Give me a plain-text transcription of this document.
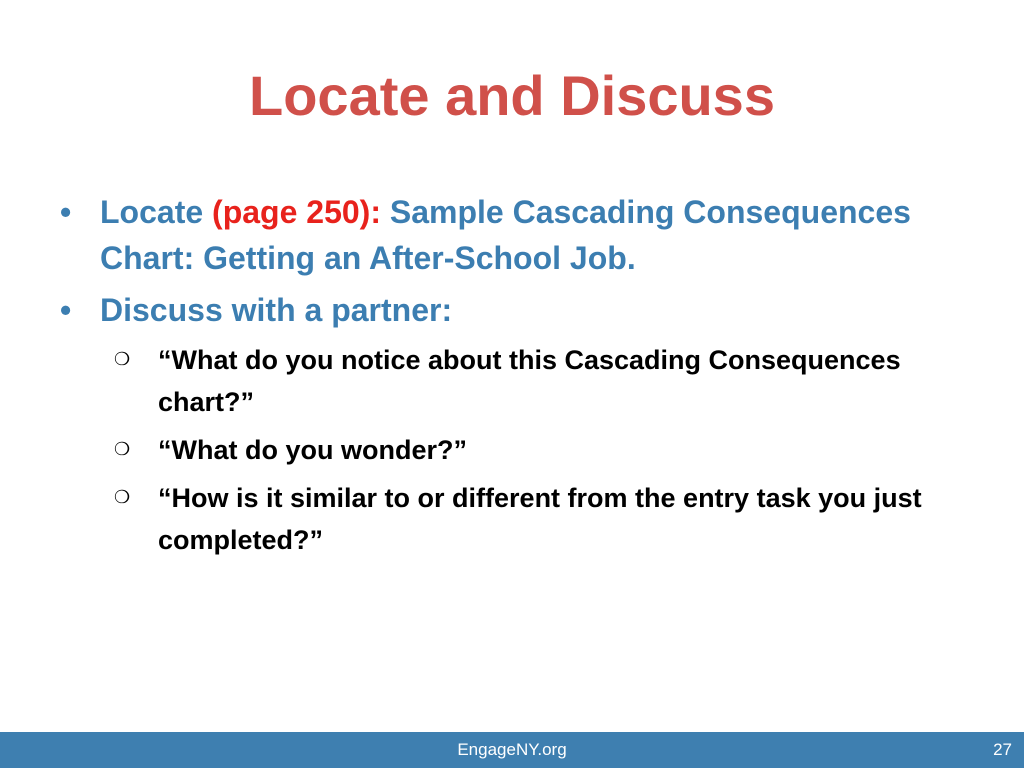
Locate and Discuss

• Locate (page 250): Sample Cascading Consequences Chart: Getting an After-School Job.

• Discuss with a partner:

❍ “What do you notice about this Cascading Consequences chart?”

❍ “What do you wonder?”

❍ “How is it similar to or different from the entry task you just completed?”

EngageNY.org	27
